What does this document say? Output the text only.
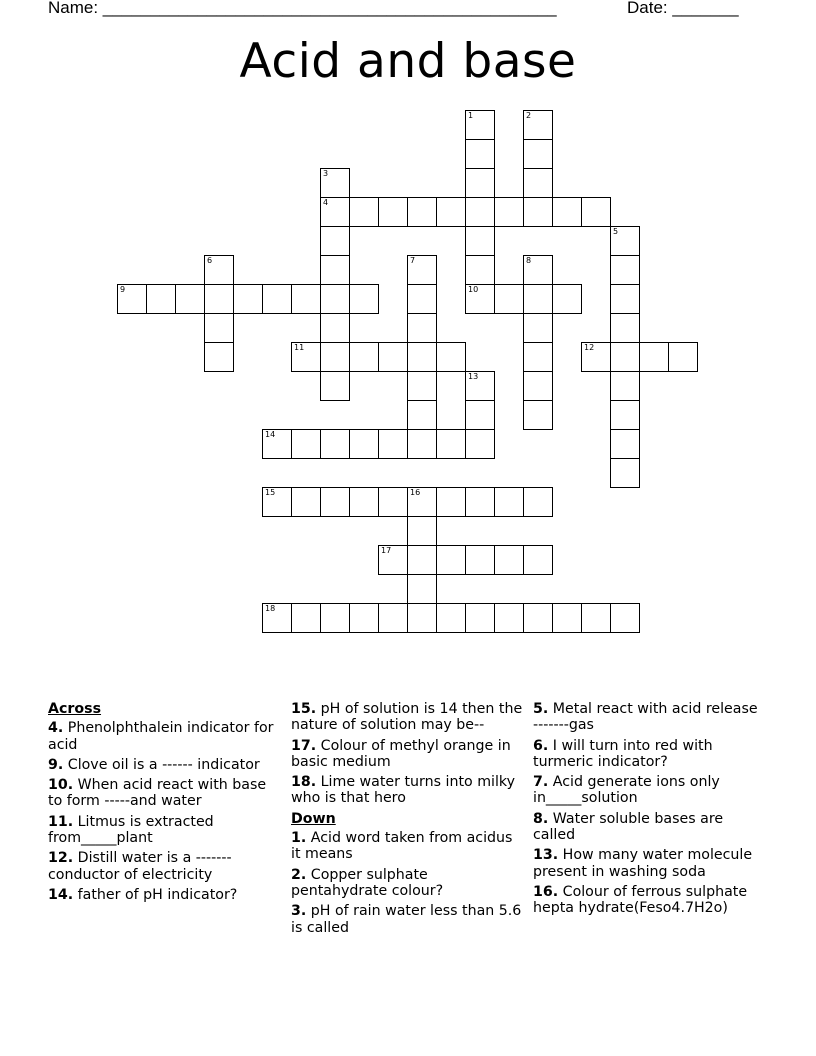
Name: ________________________________________________	Date: _______
Acid and base
1
10
2
3
4
5
6	7	8
9
11	12
13
14
15	16
17
18
Across
4. Phenolphthalein indicator for acid
9. Clove oil is a ------ indicator
10. When acid react with base to form -----and water
11. Litmus is extracted from_____plant
12. Distill water is a -------conductor of electricity
14. father of pH indicator?
15. pH of solution is 14 then the nature of solution may be--
17. Colour of methyl orange in basic medium
18. Lime water turns into milky who is that hero
Down
1. Acid word taken from acidus it means
2. Copper sulphate pentahydrate colour?
3. pH of rain water less than 5.6 is called
5. Metal react with acid release -------gas
6. I will turn into red with turmeric indicator?
7. Acid generate ions only in_____solution
8. Water soluble bases are called
13. How many water molecule present in washing soda
16. Colour of ferrous sulphate hepta hydrate(Feso4.7H2o)
